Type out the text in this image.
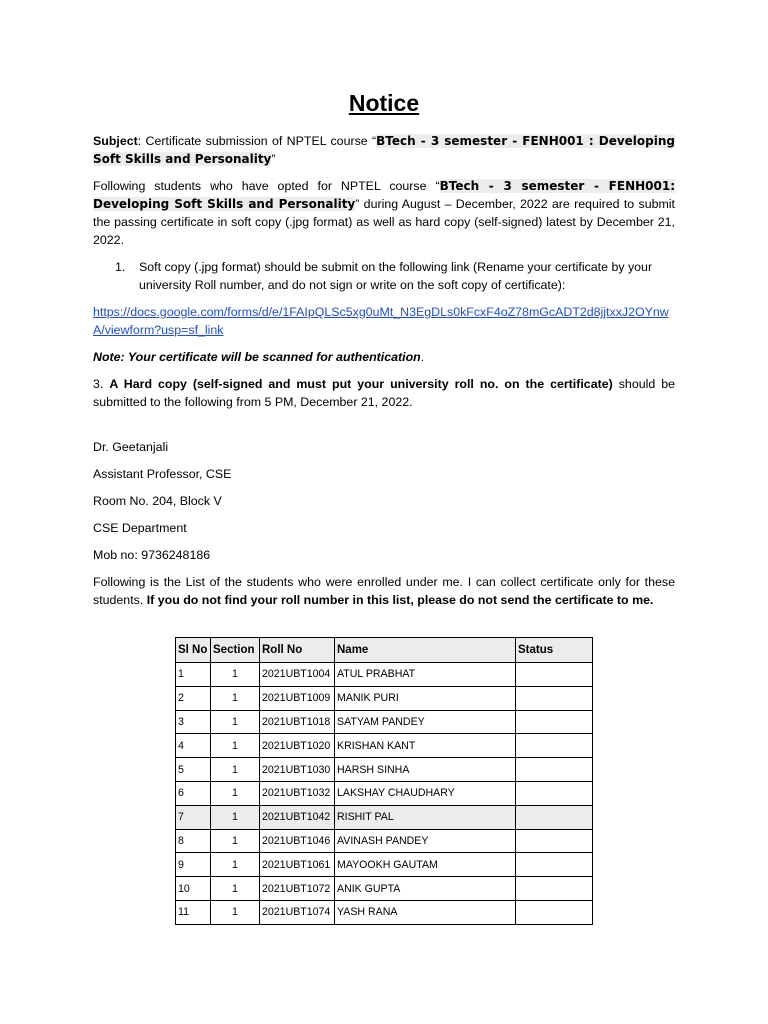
Notice

Subject: Certificate submission of NPTEL course “BTech - 3 semester - FENH001 : Developing Soft Skills and Personality”

Following students who have opted for NPTEL course “BTech - 3 semester - FENH001: Developing Soft Skills and Personality” during August – December, 2022 are required to submit the passing certificate in soft copy (.jpg format) as well as hard copy (self-signed) latest by December 21, 2022.

1. Soft copy (.jpg format) should be submit on the following link (Rename your certificate by your university Roll number, and do not sign or write on the soft copy of certificate):
https://docs.google.com/forms/d/e/1FAIpQLSc5xg0uMt_N3EgDLs0kFcxF4oZ78mGcADT2d8jjtxxJ2OYnwA/viewform?usp=sf_link

Note: Your certificate will be scanned for authentication.

3. A Hard copy (self-signed and must put your university roll no. on the certificate) should be submitted to the following from 5 PM, December 21, 2022.

Dr. Geetanjali

Assistant Professor, CSE

Room No. 204, Block V

CSE Department

Mob no: 9736248186

Following is the List of the students who were enrolled under me. I can collect certificate only for these students. If you do not find your roll number in this list, please do not send the certificate to me.

Sl No	Section	Roll No	Name	Status
1	1	2021UBT1004	ATUL PRABHAT	
2	1	2021UBT1009	MANIK PURI	
3	1	2021UBT1018	SATYAM PANDEY	
4	1	2021UBT1020	KRISHAN KANT	
5	1	2021UBT1030	HARSH SINHA	
6	1	2021UBT1032	LAKSHAY CHAUDHARY	
7	1	2021UBT1042	RISHIT PAL	
8	1	2021UBT1046	AVINASH PANDEY	
9	1	2021UBT1061	MAYOOKH GAUTAM	
10	1	2021UBT1072	ANIK GUPTA	
11	1	2021UBT1074	YASH RANA	
